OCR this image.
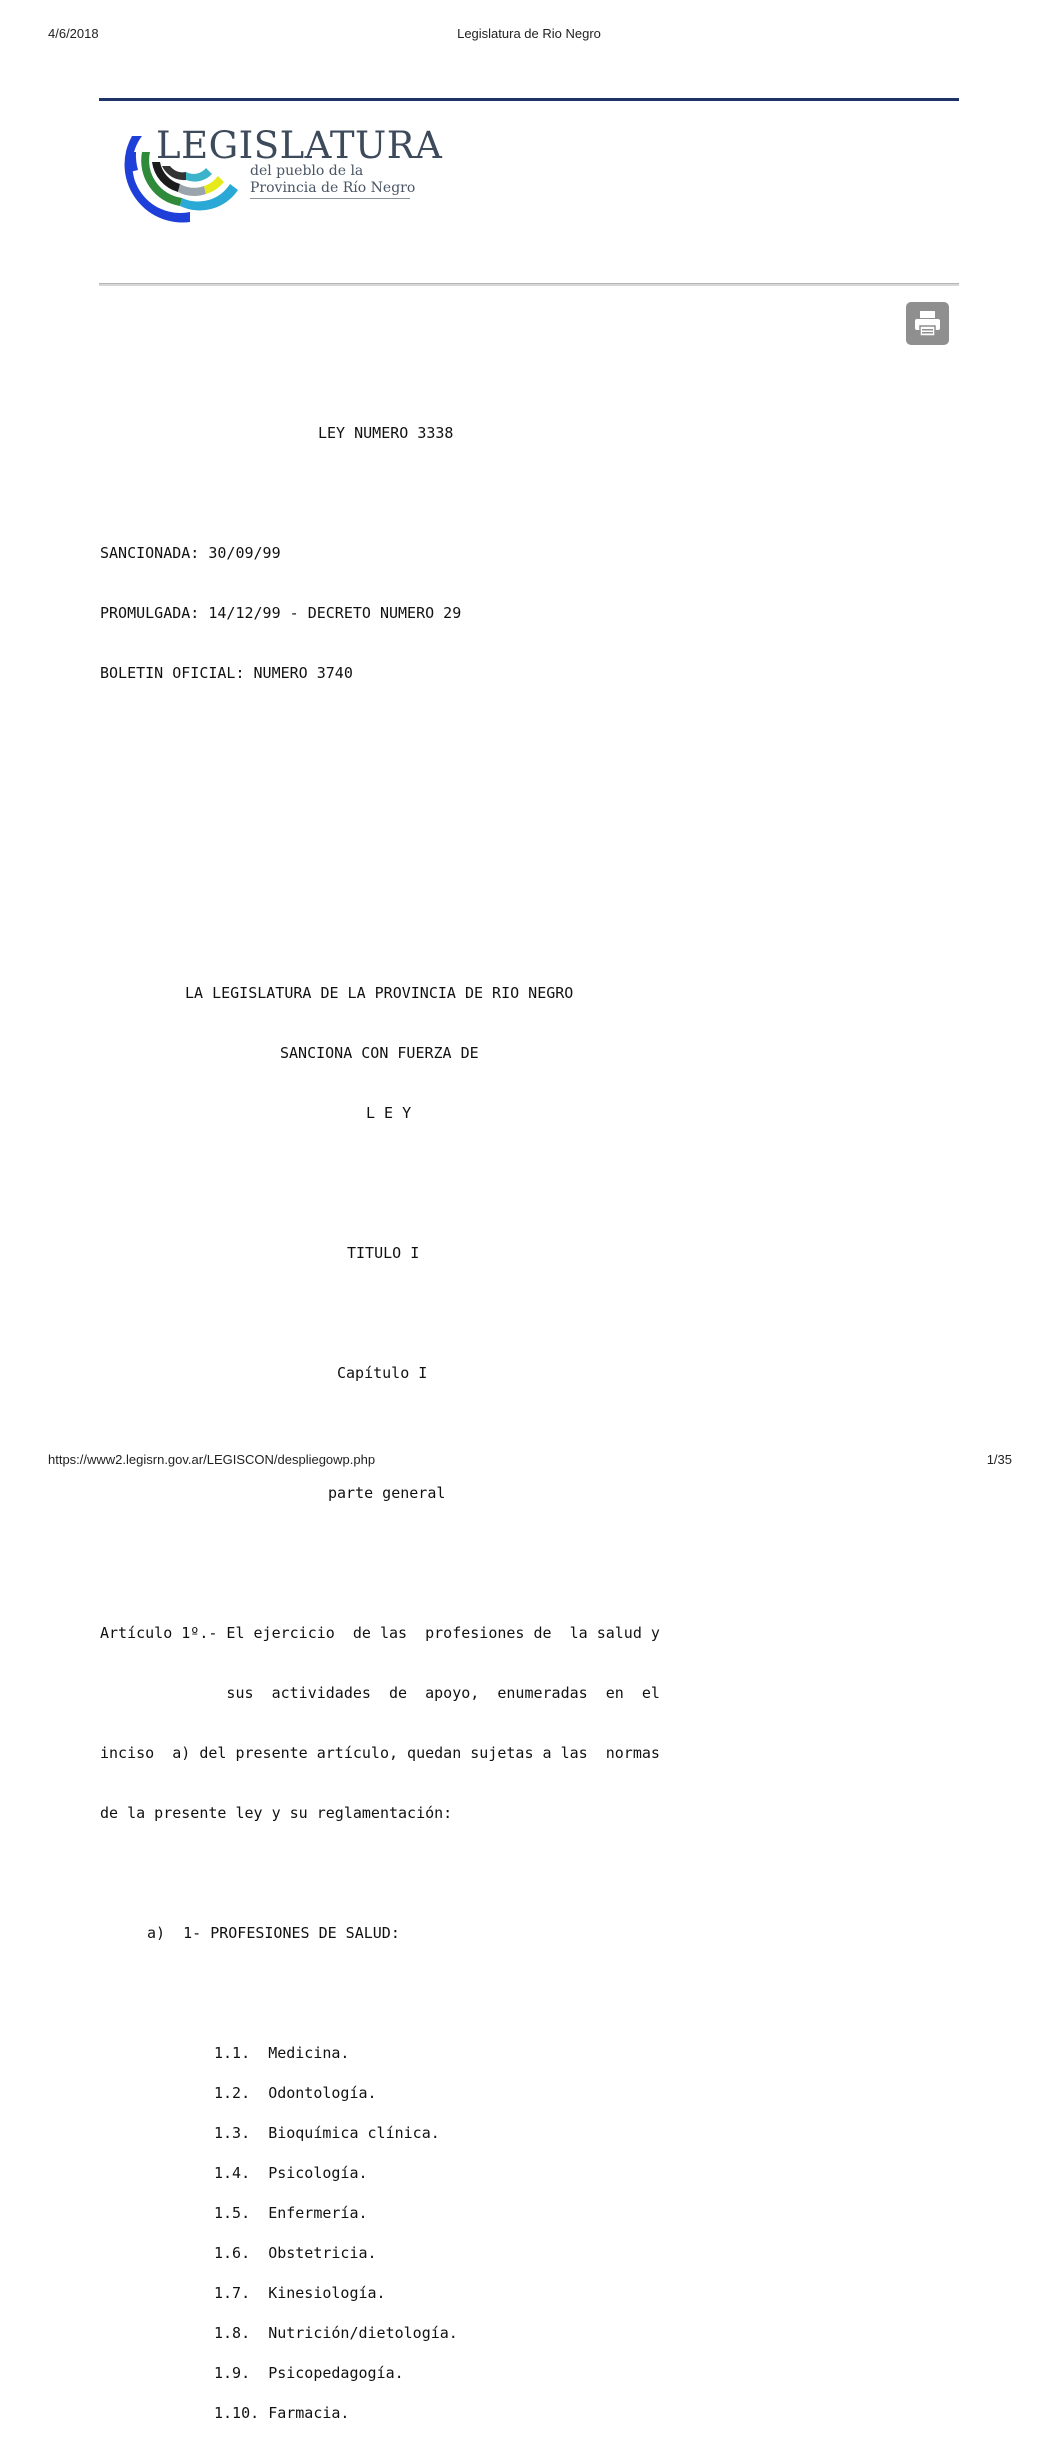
4/6/2018	Legislatura de Rio Negro
LEGISLATURA
del pueblo de la
Provincia de Río Negro

LEY NUMERO 3338

SANCIONADA: 30/09/99

PROMULGADA: 14/12/99 - DECRETO NUMERO 29

BOLETIN OFICIAL: NUMERO 3740

LA LEGISLATURA DE LA PROVINCIA DE RIO NEGRO

SANCIONA CON FUERZA DE

L E Y

TITULO I

Capítulo I

parte general

Artículo 1º.- El ejercicio  de las  profesiones de  la salud y

sus  actividades  de  apoyo,  enumeradas  en  el

inciso  a) del presente artículo, quedan sujetas a las  normas

de la presente ley y su reglamentación:

a)  1- PROFESIONES DE SALUD:

1.1.  Medicina.
1.2.  Odontología.
1.3.  Bioquímica clínica.
1.4.  Psicología.
1.5.  Enfermería.
1.6.  Obstetricia.
1.7.  Kinesiología.
1.8.  Nutrición/dietología.
1.9.  Psicopedagogía.
1.10. Farmacia.

https://www2.legisrn.gov.ar/LEGISCON/despliegowp.php	1/35
